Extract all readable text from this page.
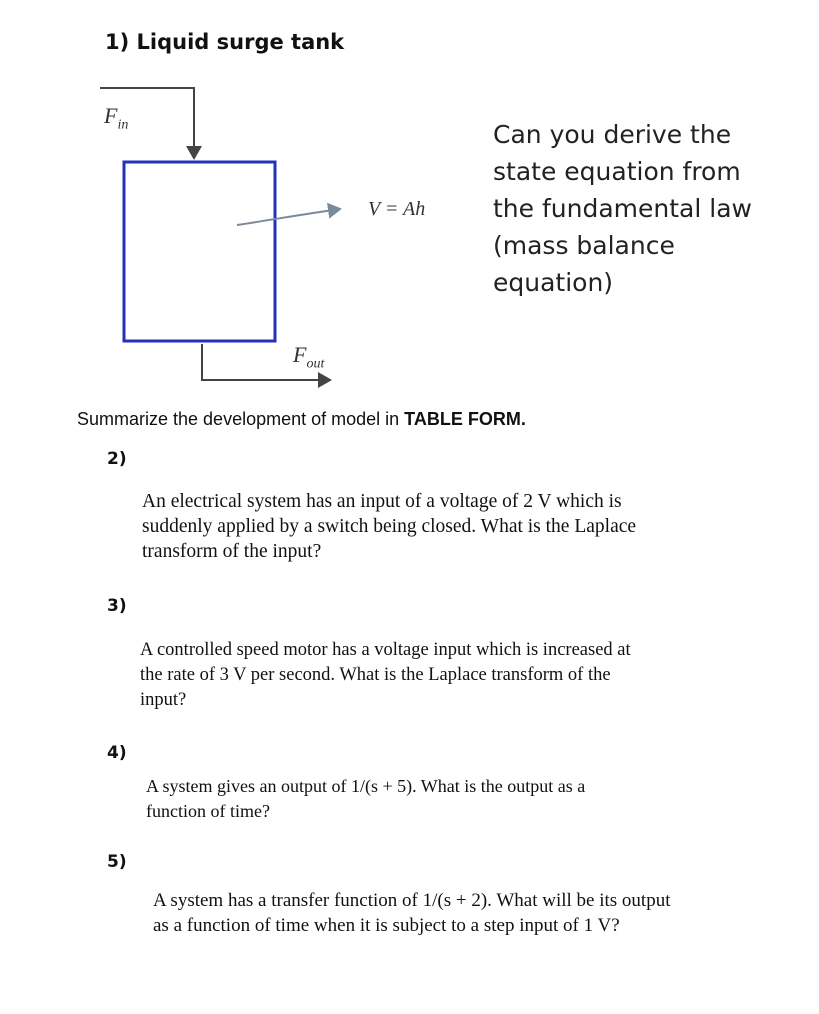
1) Liquid surge tank
$F_{in}$
V = Ah
$F_{out}$
Can you derive the
state equation from
the fundamental law
(mass balance
equation)
Summarize the development of model in TABLE FORM.
2)
An electrical system has an input of a voltage of 2 V which is
suddenly applied by a switch being closed. What is the Laplace
transform of the input?
3)
A controlled speed motor has a voltage input which is increased at
the rate of 3 V per second. What is the Laplace transform of the
input?
4)
A system gives an output of 1/(s + 5). What is the output as a
function of time?
5)
A system has a transfer function of 1/(s + 2). What will be its output
as a function of time when it is subject to a step input of 1 V?
